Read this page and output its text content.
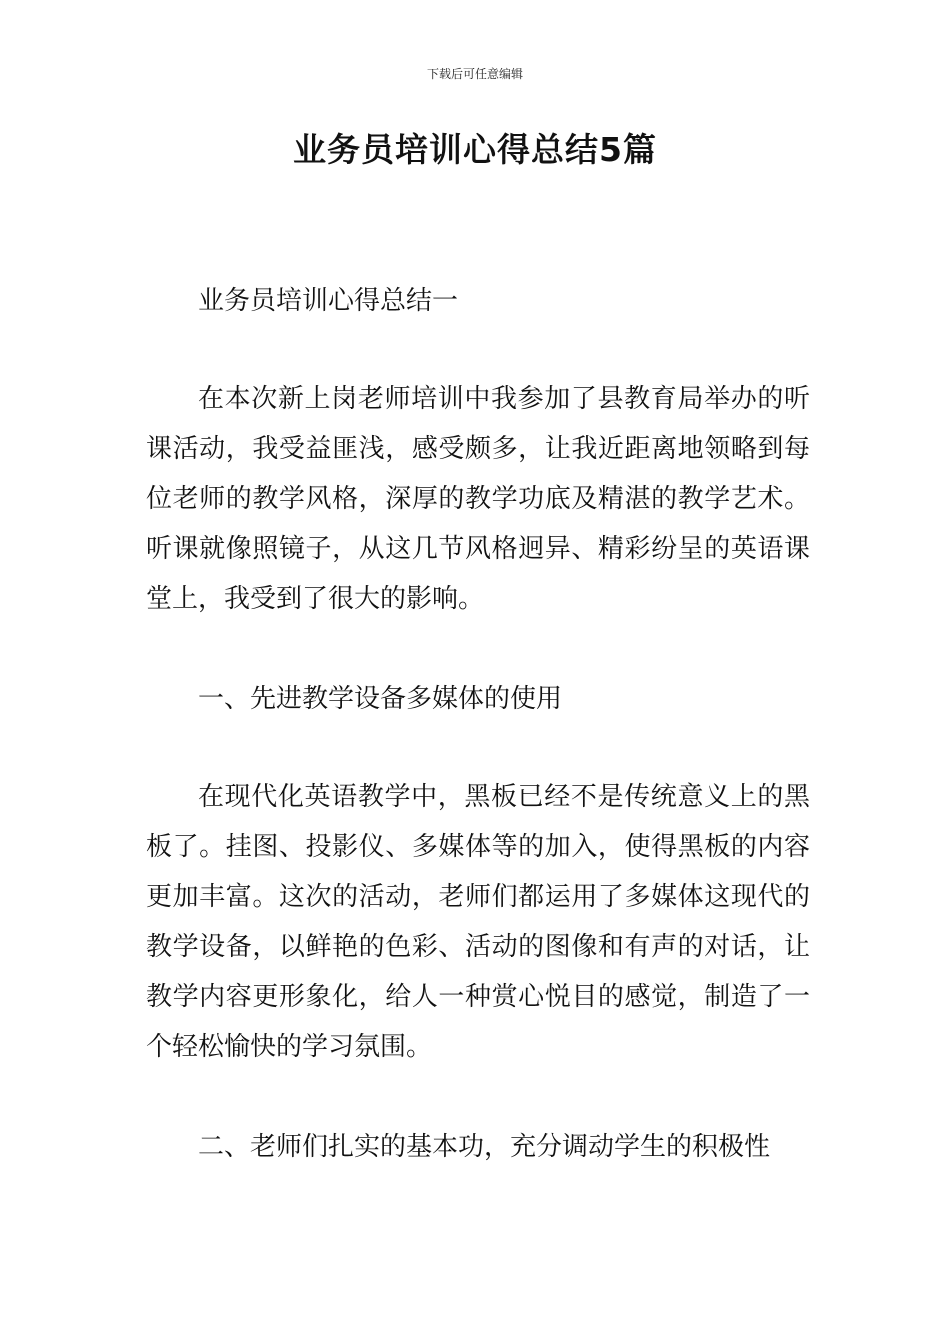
下载后可任意编辑
业务员培训心得总结5篇

业务员培训心得总结一

在本次新上岗老师培训中我参加了县教育局举办的听课活动，我受益匪浅，感受颇多，让我近距离地领略到每位老师的教学风格，深厚的教学功底及精湛的教学艺术。听课就像照镜子，从这几节风格迥异、精彩纷呈的英语课堂上，我受到了很大的影响。

一、先进教学设备多媒体的使用

在现代化英语教学中，黑板已经不是传统意义上的黑板了。挂图、投影仪、多媒体等的加入，使得黑板的内容更加丰富。这次的活动，老师们都运用了多媒体这现代的教学设备，以鲜艳的色彩、活动的图像和有声的对话，让教学内容更形象化，给人一种赏心悦目的感觉，制造了一个轻松愉快的学习氛围。

二、老师们扎实的基本功，充分调动学生的积极性
